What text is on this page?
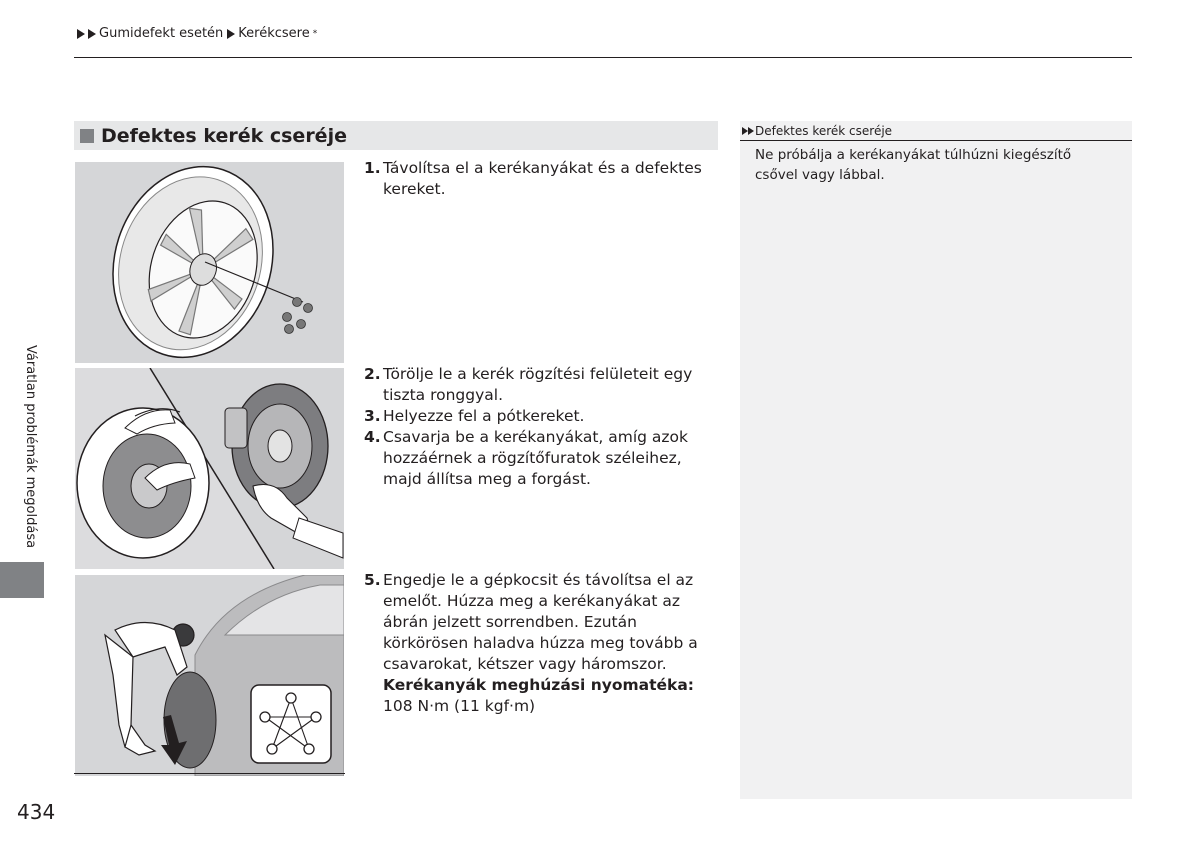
Gumidefekt esetén Kerékcsere *
Váratlan problémák megoldása
Defektes kerék cseréje
1. Távolítsa el a kerékanyákat és a defektes kereket.
2. Törölje le a kerék rögzítési felületeit egy tiszta ronggyal.
3. Helyezze fel a pótkereket.
4. Csavarja be a kerékanyákat, amíg azok hozzáérnek a rögzítőfuratok széleihez, majd állítsa meg a forgást.
5. Engedje le a gépkocsit és távolítsa el az emelőt. Húzza meg a kerékanyákat az ábrán jelzett sorrendben. Ezután körkörösen haladva húzza meg tovább a csavarokat, kétszer vagy háromszor.
Kerékanyák meghúzási nyomatéka:
108 N·m (11 kgf·m)
Defektes kerék cseréje
Ne próbálja a kerékanyákat túlhúzni kiegészítő csővel vagy lábbal.
434
